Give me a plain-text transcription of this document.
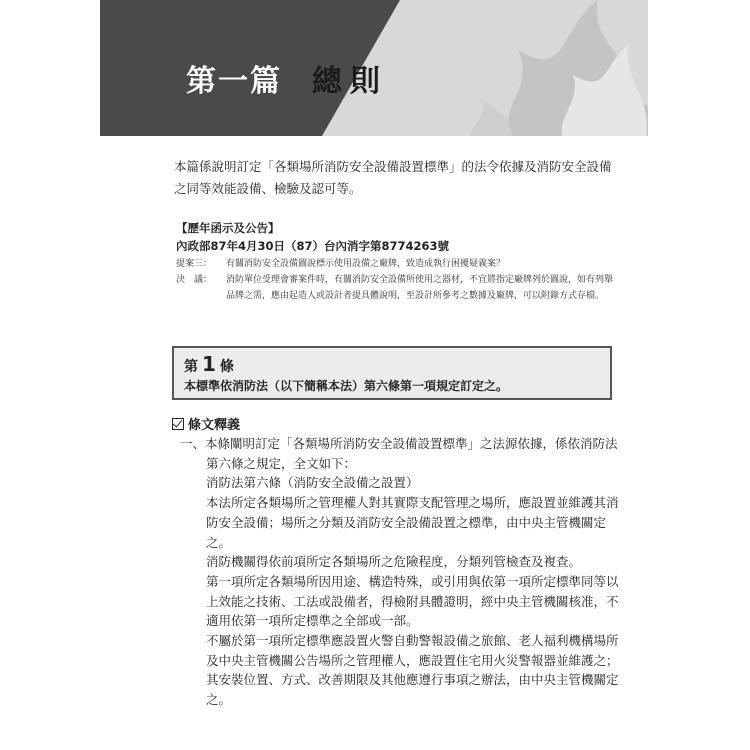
第一篇 總則
本篇係說明訂定「各類場所消防安全設備設置標準」的法令依據及消防安全設備之同等效能設備、檢驗及認可等。
【歷年函示及公告】
內政部87年4月30日（87）台內消字第8774263號
提案三：	有關消防安全設備圖說標示使用設備之廠牌，致造成執行困擾疑義案？
決　議：	消防單位受理會審案件時，有關消防安全設備所使用之器材，不宜將指定廠牌列於圖說，如有列舉品牌之需，應由起造人或設計者提具體說明，至設計所參考之數據及廠牌，可以附錄方式存檔。
第 1 條
本標準依消防法（以下簡稱本法）第六條第一項規定訂定之。
條文釋義

一、本條闡明訂定「各類場所消防安全設備設置標準」之法源依據，係依消防法第六條之規定，全文如下：

消防法第六條（消防安全設備之設置）

本法所定各類場所之管理權人對其實際支配管理之場所，應設置並維護其消防安全設備；場所之分類及消防安全設備設置之標準，由中央主管機關定之。

消防機關得依前項所定各類場所之危險程度，分類列管檢查及複查。

第一項所定各類場所因用途、構造特殊，或引用與依第一項所定標準同等以上效能之技術、工法或設備者，得檢附具體證明，經中央主管機關核准，不適用依第一項所定標準之全部或一部。

不屬於第一項所定標準應設置火警自動警報設備之旅館、老人福利機構場所及中央主管機關公告場所之管理權人，應設置住宅用火災警報器並維護之；其安裝位置、方式、改善期限及其他應遵行事項之辦法，由中央主管機關定之。
